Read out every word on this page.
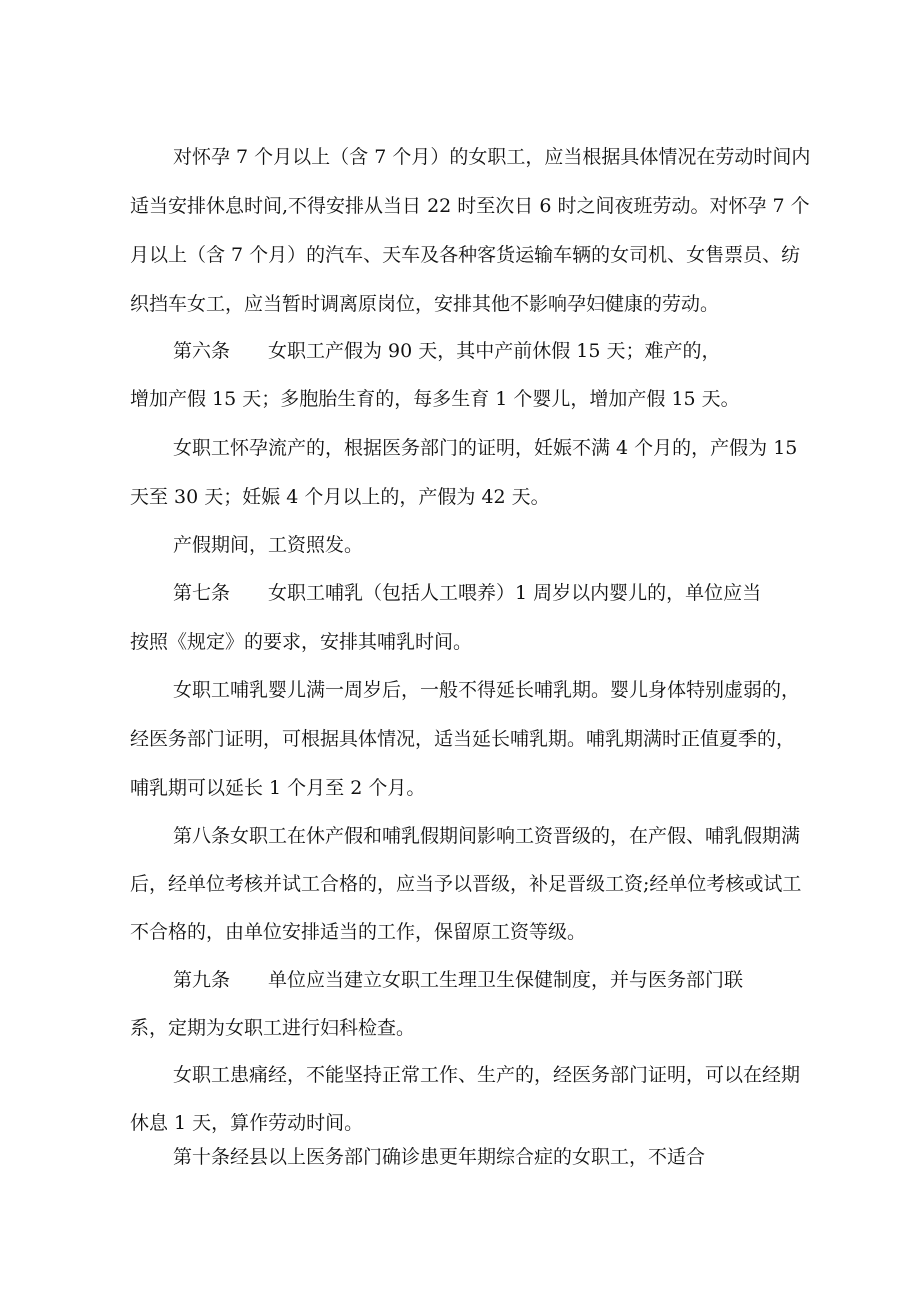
对怀孕 7 个月以上（含 7 个月）的女职工，应当根据具体情况在劳动时间内

适当安排休息时间,不得安排从当日 22 时至次日 6 时之间夜班劳动。对怀孕 7 个

月以上（含 7 个月）的汽车、天车及各种客货运输车辆的女司机、女售票员、纺

织挡车女工，应当暂时调离原岗位，安排其他不影响孕妇健康的劳动。

第六条　　女职工产假为 90 天，其中产前休假 15 天；难产的，

增加产假 15 天；多胞胎生育的，每多生育 1 个婴儿，增加产假 15 天。

女职工怀孕流产的，根据医务部门的证明，妊娠不满 4 个月的，产假为 15

天至 30 天；妊娠 4 个月以上的，产假为 42 天。

产假期间，工资照发。

第七条　　女职工哺乳（包括人工喂养）1 周岁以内婴儿的，单位应当

按照《规定》的要求，安排其哺乳时间。

女职工哺乳婴儿满一周岁后，一般不得延长哺乳期。婴儿身体特别虚弱的，

经医务部门证明，可根据具体情况，适当延长哺乳期。哺乳期满时正值夏季的，

哺乳期可以延长 1 个月至 2 个月。

第八条女职工在休产假和哺乳假期间影响工资晋级的，在产假、哺乳假期满

后，经单位考核并试工合格的，应当予以晋级，补足晋级工资;经单位考核或试工

不合格的，由单位安排适当的工作，保留原工资等级。

第九条　　单位应当建立女职工生理卫生保健制度，并与医务部门联

系，定期为女职工进行妇科检查。

女职工患痛经，不能坚持正常工作、生产的，经医务部门证明，可以在经期

休息 1 天，算作劳动时间。

第十条经县以上医务部门确诊患更年期综合症的女职工，不适合
